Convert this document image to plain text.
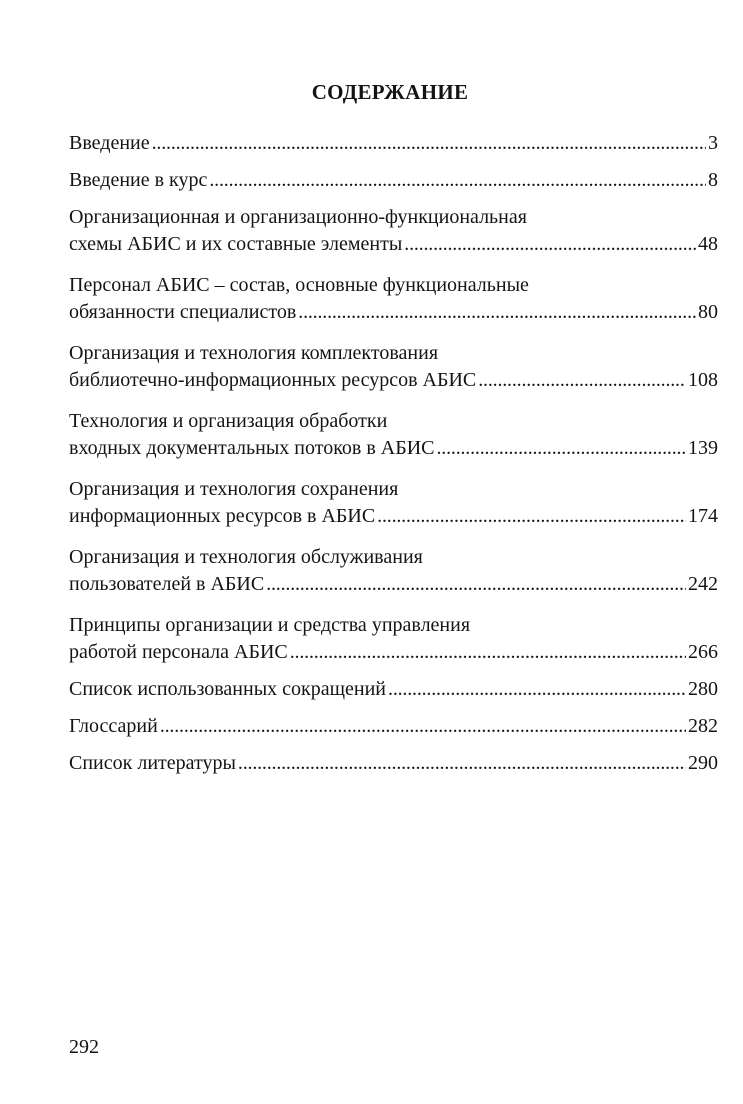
СОДЕРЖАНИЕ
Введение . . .	3
Введение в курс . . .	8
Организационная и организационно-функциональная
схемы АБИС и их составные элементы . . .	48
Персонал АБИС – состав, основные функциональные
обязанности специалистов . . .	80
Организация и технология комплектования
библиотечно-информационных ресурсов АБИС . . .	108
Технология и организация обработки
входных документальных потоков в АБИС . . .	139
Организация и технология сохранения
информационных ресурсов в АБИС . . .	174
Организация и технология обслуживания
пользователей в АБИС . . .	242
Принципы организации и средства управления
работой персонала АБИС . . .	266
Список использованных сокращений . . .	280
Глоссарий . . .	282
Список литературы . . .	290
292
